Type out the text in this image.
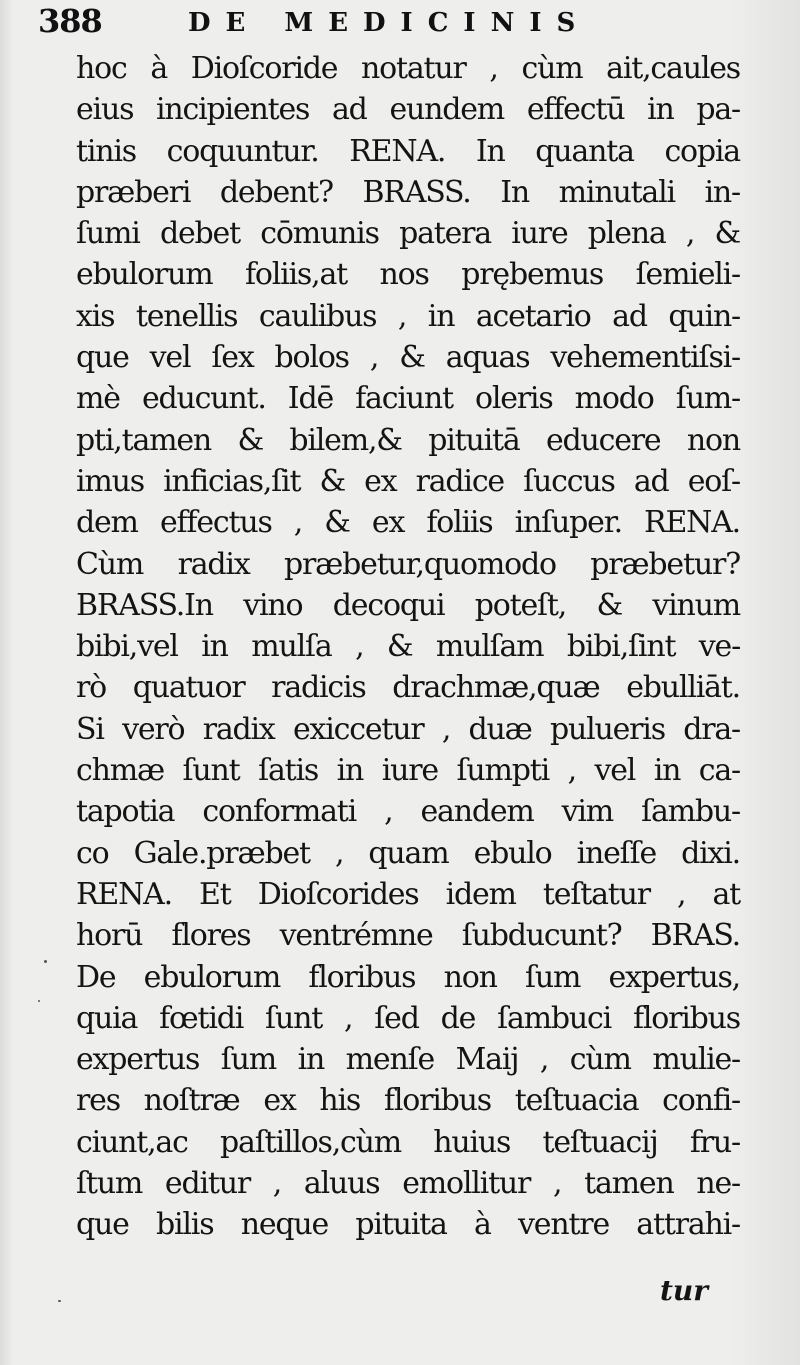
388	DE MEDICINIS
hoc à Dioſcoride notatur , cùm ait,caules
eius incipientes ad eundem effectū in pa-
tinis coquuntur. RENA. In quanta copia
præberi debent? BRASS. In minutali in-
ſumi debet cōmunis patera iure plena , &
ebulorum foliis,at nos prębemus ſemieli-
xis tenellis caulibus , in acetario ad quin-
que vel ſex bolos , & aquas vehementiſsi-
mè educunt. Idē faciunt oleris modo ſum-
pti,tamen & bilem,& pituitā educere non
imus inficias,ſit & ex radice ſuccus ad eoſ-
dem effectus , & ex foliis inſuper. RENA.
Cùm radix præbetur,quomodo præbetur?
BRASS.In vino decoqui poteſt, & vinum
bibi,vel in mulſa , & mulſam bibi,ſint ve-
rò quatuor radicis drachmæ,quæ ebulliāt.
Si verò radix exiccetur , duæ pulueris dra-
chmæ ſunt ſatis in iure ſumpti , vel in ca-
tapotia conformati , eandem vim ſambu-
co Gale.præbet , quam ebulo ineſſe dixi.
RENA. Et Dioſcorides idem teſtatur , at
horū flores ventrémne ſubducunt? BRAS.
De ebulorum floribus non ſum expertus,
quia fœtidi ſunt , ſed de ſambuci floribus
expertus ſum in menſe Maij , cùm mulie-
res noſtræ ex his floribus teſtuacia confi-
ciunt,ac paſtillos,cùm huius teſtuacij fru-
ſtum editur , aluus emollitur , tamen ne-
que bilis neque pituita à ventre attrahi-
tur
